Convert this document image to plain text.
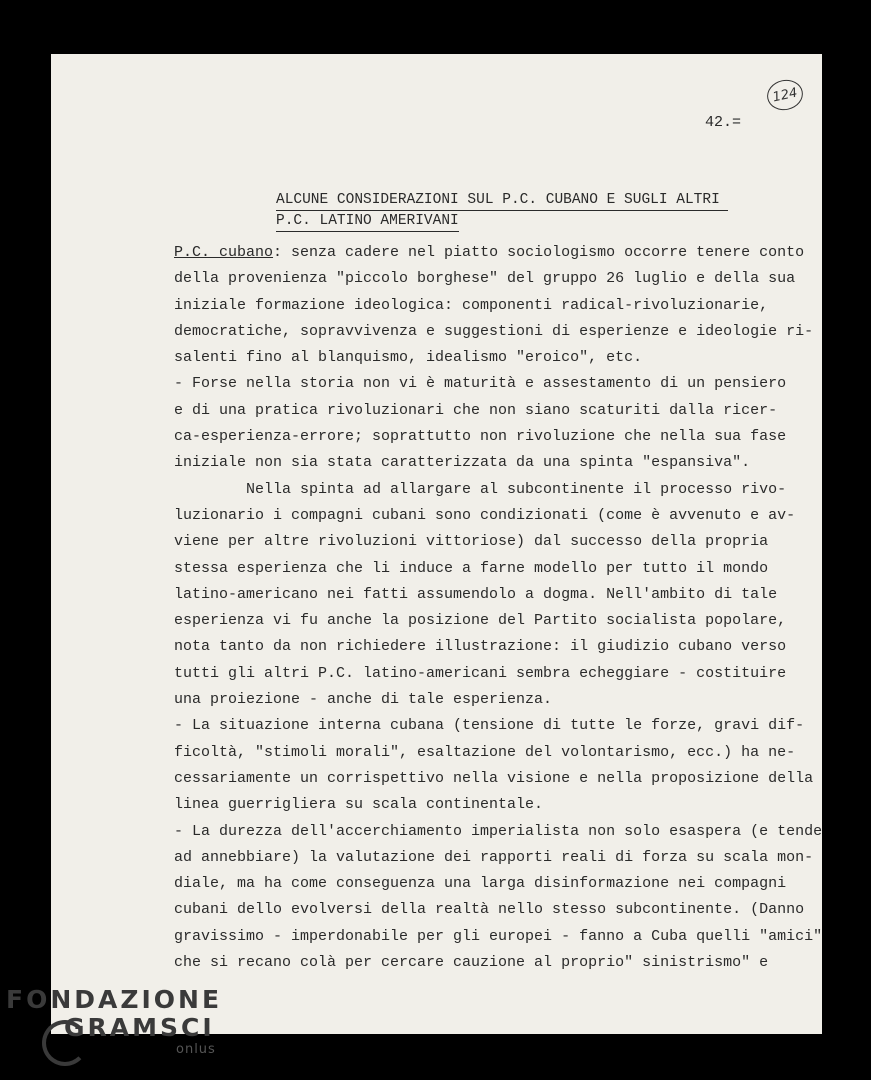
124
42.=
ALCUNE CONSIDERAZIONI SUL P.C. CUBANO E SUGLI ALTRI
P.C. LATINO AMERIVANI
P.C. cubano: senza cadere nel piatto sociologismo occorre tenere conto
della provenienza "piccolo borghese" del gruppo 26 luglio e della sua
iniziale formazione ideologica: componenti radical-rivoluzionarie,
democratiche, sopravvivenza e suggestioni di esperienze e ideologie ri-
salenti fino al blanquismo, idealismo "eroico", etc.
- Forse nella storia non vi è maturità e assestamento di un pensiero
e di una pratica rivoluzionari che non siano scaturiti dalla ricer-
ca-esperienza-errore; soprattutto non rivoluzione che nella sua fase
iniziale non sia stata caratterizzata da una spinta "espansiva".
Nella spinta ad allargare al subcontinente il processo rivo-
luzionario i compagni cubani sono condizionati (come è avvenuto e av-
viene per altre rivoluzioni vittoriose) dal successo della propria
stessa esperienza che li induce a farne modello per tutto il mondo
latino-americano nei fatti assumendolo a dogma. Nell'ambito di tale
esperienza vi fu anche la posizione del Partito socialista popolare,
nota tanto da non richiedere illustrazione: il giudizio cubano verso
tutti gli altri P.C. latino-americani sembra echeggiare - costituire
una proiezione - anche di tale esperienza.
- La situazione interna cubana (tensione di tutte le forze, gravi dif-
ficoltà, "stimoli morali", esaltazione del volontarismo, ecc.) ha ne-
cessariamente un corrispettivo nella visione e nella proposizione della
linea guerrigliera su scala continentale.
- La durezza dell'accerchiamento imperialista non solo esaspera (e tende
ad annebbiare) la valutazione dei rapporti reali di forza su scala mon-
diale, ma ha come conseguenza una larga disinformazione nei compagni
cubani dello evolversi della realtà nello stesso subcontinente. (Danno
gravissimo - imperdonabile per gli europei - fanno a Cuba quelli "amici"
che si recano colà per cercare cauzione al proprio" sinistrismo" e
FONDAZIONE
GRAMSCI
onlus
